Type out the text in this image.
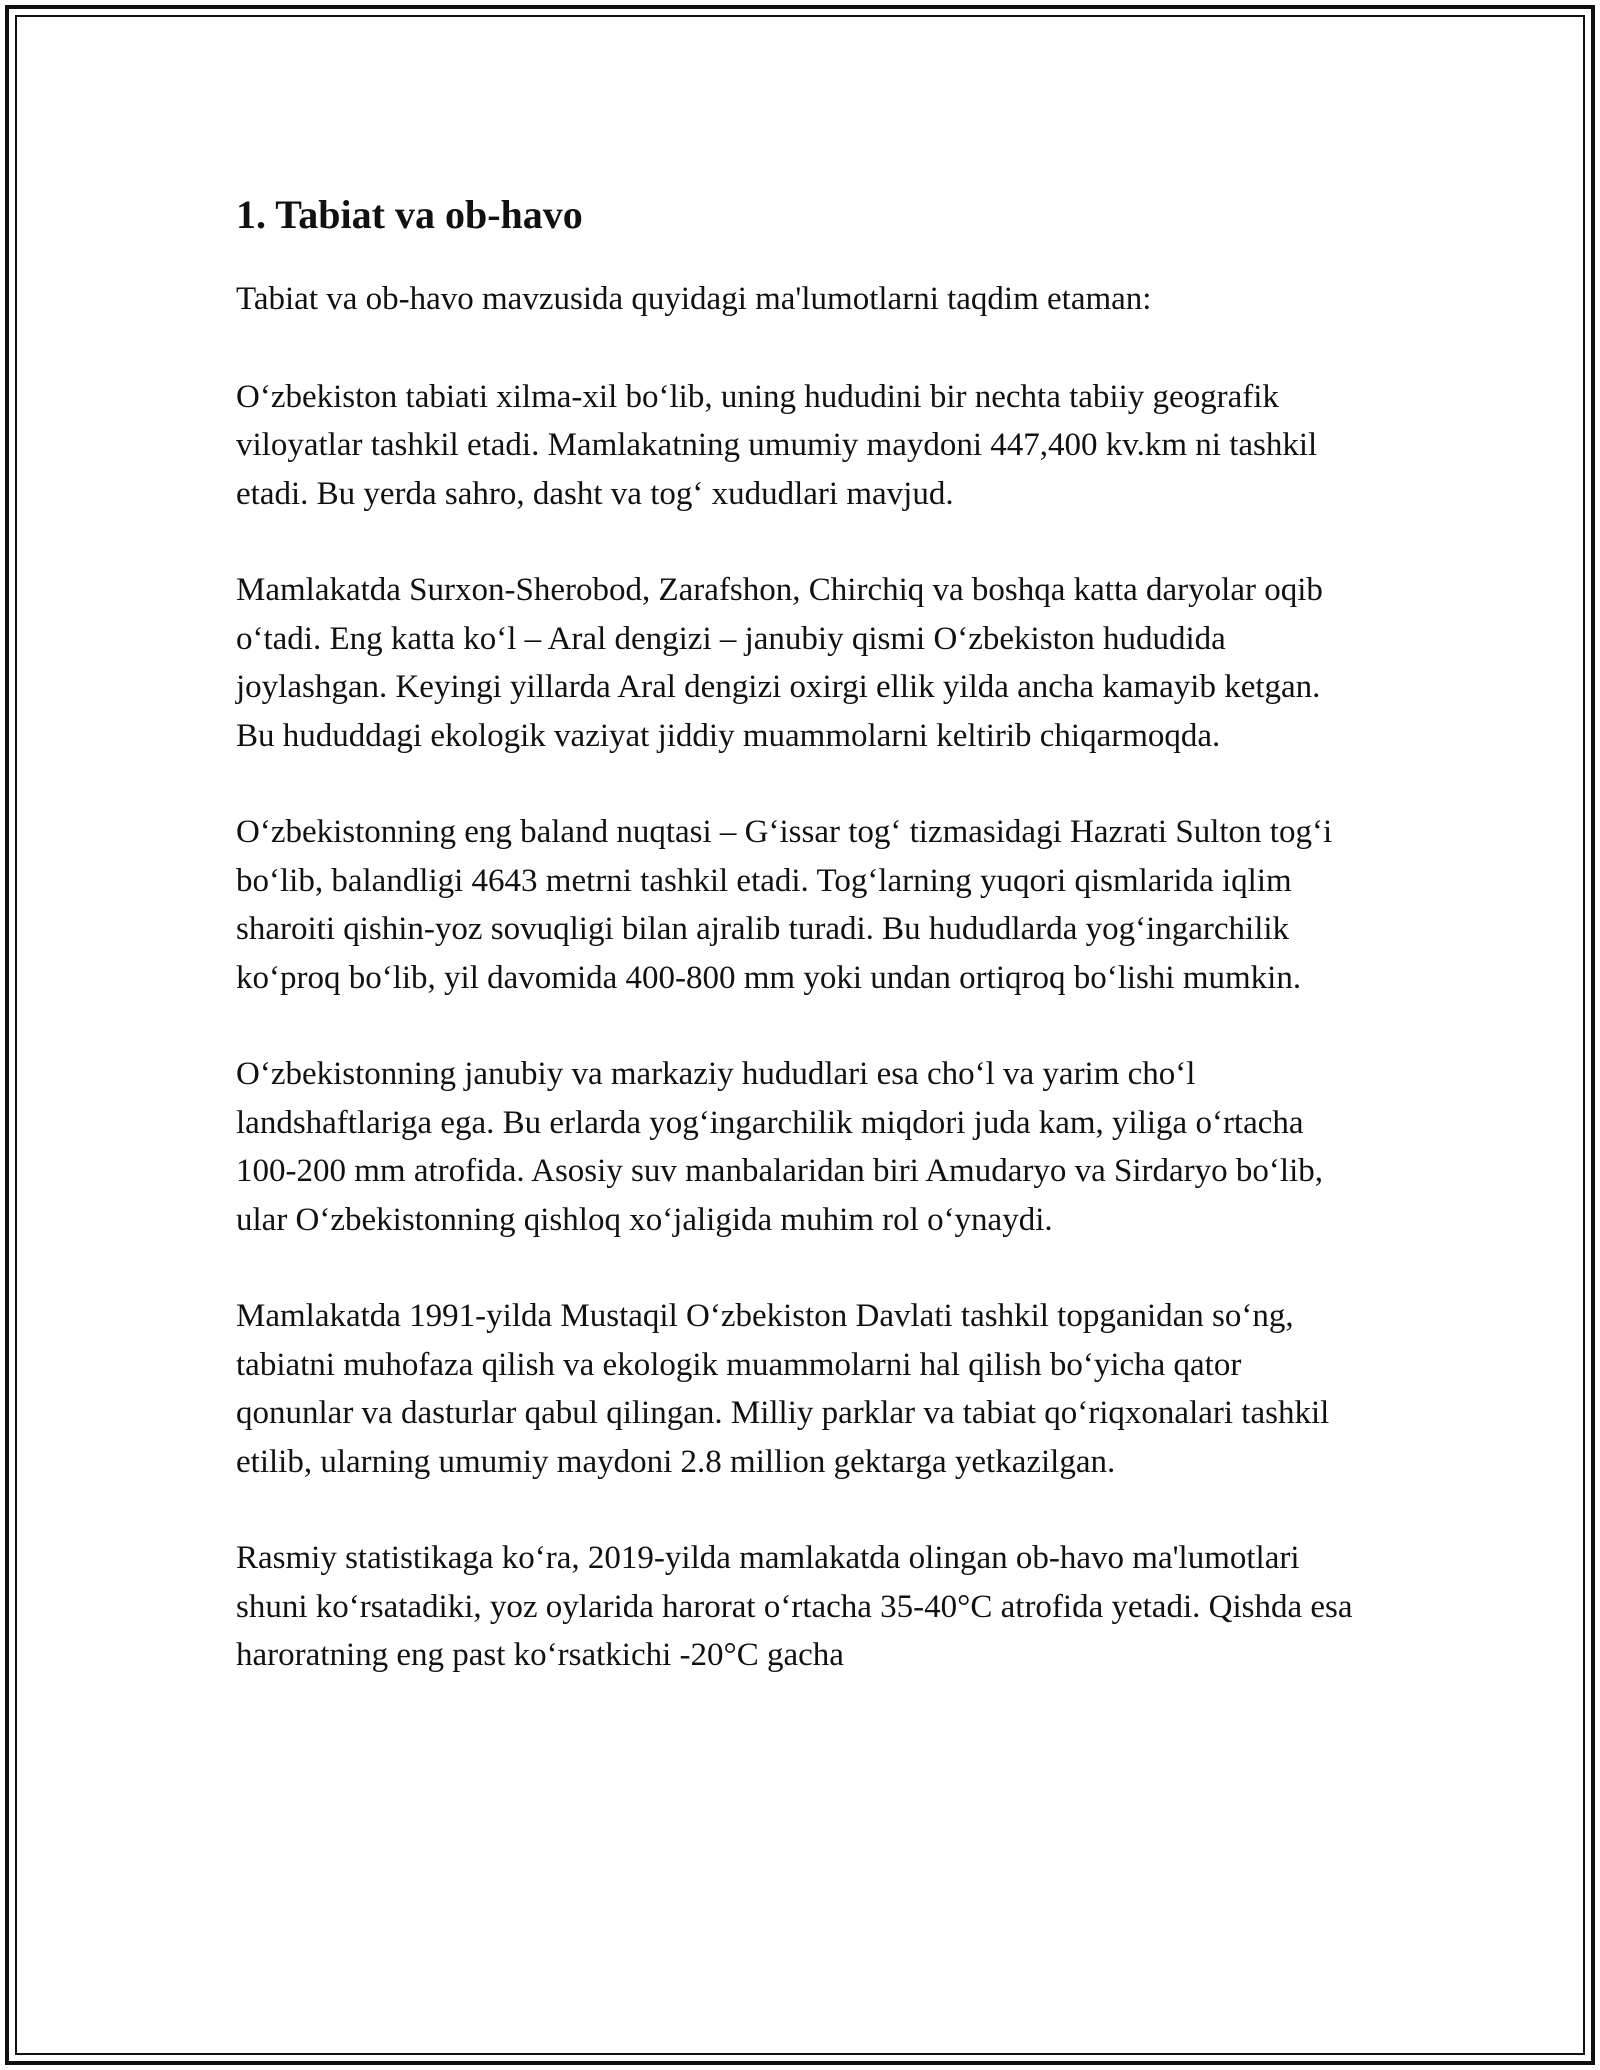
1. Tabiat va ob-havo

Tabiat va ob-havo mavzusida quyidagi ma'lumotlarni taqdim etaman:

O‘zbekiston tabiati xilma-xil bo‘lib, uning hududini bir nechta tabiiy geografik viloyatlar tashkil etadi. Mamlakatning umumiy maydoni 447,400 kv.km ni tashkil etadi. Bu yerda sahro, dasht va tog‘ xududlari mavjud.

Mamlakatda Surxon-Sherobod, Zarafshon, Chirchiq va boshqa katta daryolar oqib o‘tadi. Eng katta ko‘l – Aral dengizi – janubiy qismi O‘zbekiston hududida joylashgan. Keyingi yillarda Aral dengizi oxirgi ellik yilda ancha kamayib ketgan. Bu hududdagi ekologik vaziyat jiddiy muammolarni keltirib chiqarmoqda.

O‘zbekistonning eng baland nuqtasi – G‘issar tog‘ tizmasidagi Hazrati Sulton tog‘i bo‘lib, balandligi 4643 metrni tashkil etadi. Tog‘larning yuqori qismlarida iqlim sharoiti qishin-yoz sovuqligi bilan ajralib turadi. Bu hududlarda yog‘ingarchilik ko‘proq bo‘lib, yil davomida 400-800 mm yoki undan ortiqroq bo‘lishi mumkin.

O‘zbekistonning janubiy va markaziy hududlari esa cho‘l va yarim cho‘l landshaftlariga ega. Bu erlarda yog‘ingarchilik miqdori juda kam, yiliga o‘rtacha 100-200 mm atrofida. Asosiy suv manbalaridan biri Amudaryo va Sirdaryo bo‘lib, ular O‘zbekistonning qishloq xo‘jaligida muhim rol o‘ynaydi.

Mamlakatda 1991-yilda Mustaqil O‘zbekiston Davlati tashkil topganidan so‘ng, tabiatni muhofaza qilish va ekologik muammolarni hal qilish bo‘yicha qator qonunlar va dasturlar qabul qilingan. Milliy parklar va tabiat qo‘riqxonalari tashkil etilib, ularning umumiy maydoni 2.8 million gektarga yetkazilgan.

Rasmiy statistikaga ko‘ra, 2019-yilda mamlakatda olingan ob-havo ma'lumotlari shuni ko‘rsatadiki, yoz oylarida harorat o‘rtacha 35-40°C atrofida yetadi. Qishda esa haroratning eng past ko‘rsatkichi -20°C gacha
